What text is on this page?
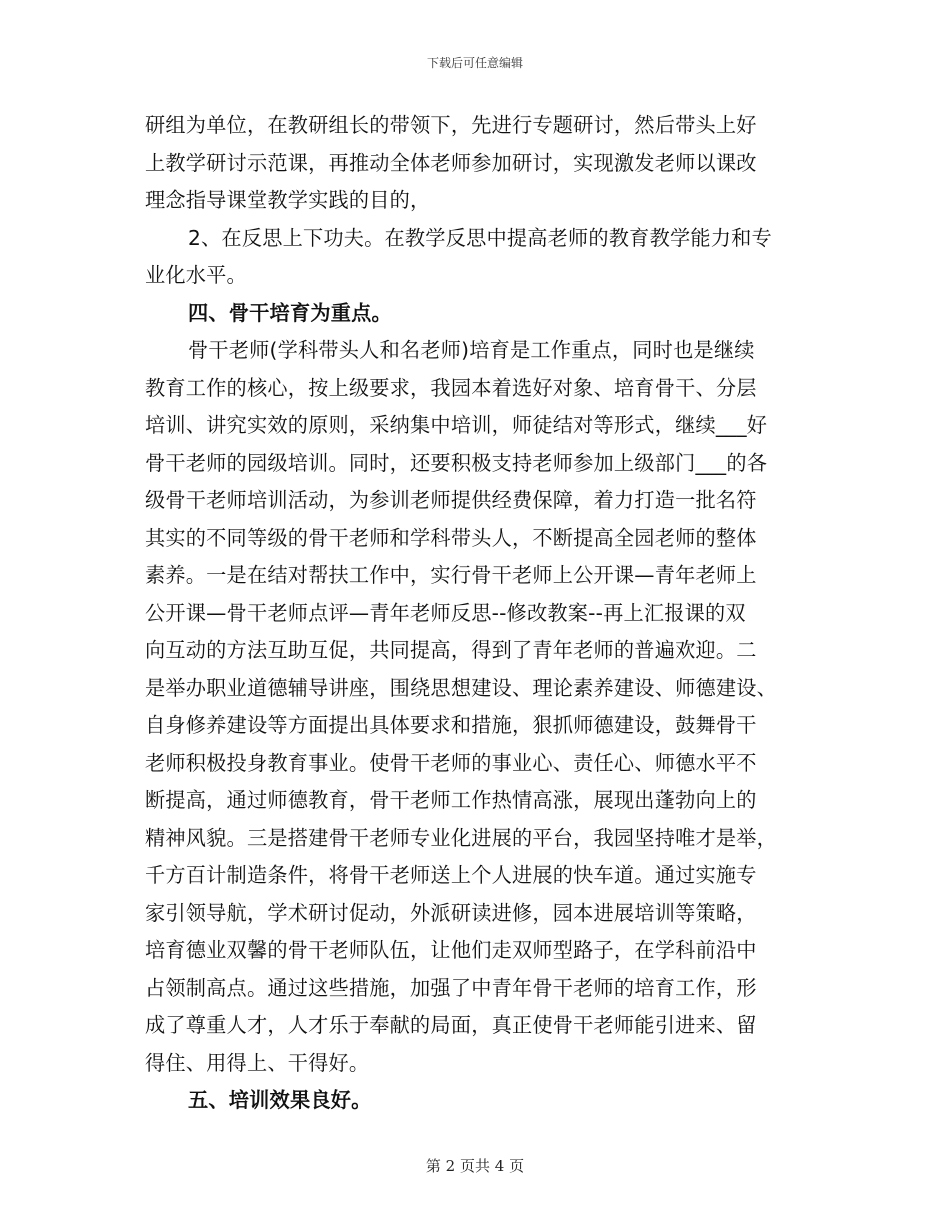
下载后可任意编辑
研组为单位，在教研组长的带领下，先进行专题研讨，然后带头上好
上教学研讨示范课，再推动全体老师参加研讨，实现激发老师以课改
理念指导课堂教学实践的目的，
2、在反思上下功夫。在教学反思中提高老师的教育教学能力和专
业化水平。
四、骨干培育为重点。
骨干老师(学科带头人和名老师)培育是工作重点，同时也是继续
教育工作的核心，按上级要求，我园本着选好对象、培育骨干、分层
培训、讲究实效的原则，采纳集中培训，师徒结对等形式，继续___好
骨干老师的园级培训。同时，还要积极支持老师参加上级部门___的各
级骨干老师培训活动，为参训老师提供经费保障，着力打造一批名符
其实的不同等级的骨干老师和学科带头人，不断提高全园老师的整体
素养。一是在结对帮扶工作中，实行骨干老师上公开课—青年老师上
公开课—骨干老师点评—青年老师反思--修改教案--再上汇报课的双
向互动的方法互助互促，共同提高，得到了青年老师的普遍欢迎。二
是举办职业道德辅导讲座，围绕思想建设、理论素养建设、师德建设、
自身修养建设等方面提出具体要求和措施，狠抓师德建设，鼓舞骨干
老师积极投身教育事业。使骨干老师的事业心、责任心、师德水平不
断提高，通过师德教育，骨干老师工作热情高涨，展现出蓬勃向上的
精神风貌。三是搭建骨干老师专业化进展的平台，我园坚持唯才是举，
千方百计制造条件，将骨干老师送上个人进展的快车道。通过实施专
家引领导航，学术研讨促动，外派研读进修，园本进展培训等策略，
培育德业双馨的骨干老师队伍，让他们走双师型路子，在学科前沿中
占领制高点。通过这些措施，加强了中青年骨干老师的培育工作，形
成了尊重人才，人才乐于奉献的局面，真正使骨干老师能引进来、留
得住、用得上、干得好。
五、培训效果良好。
第 2 页共 4 页
